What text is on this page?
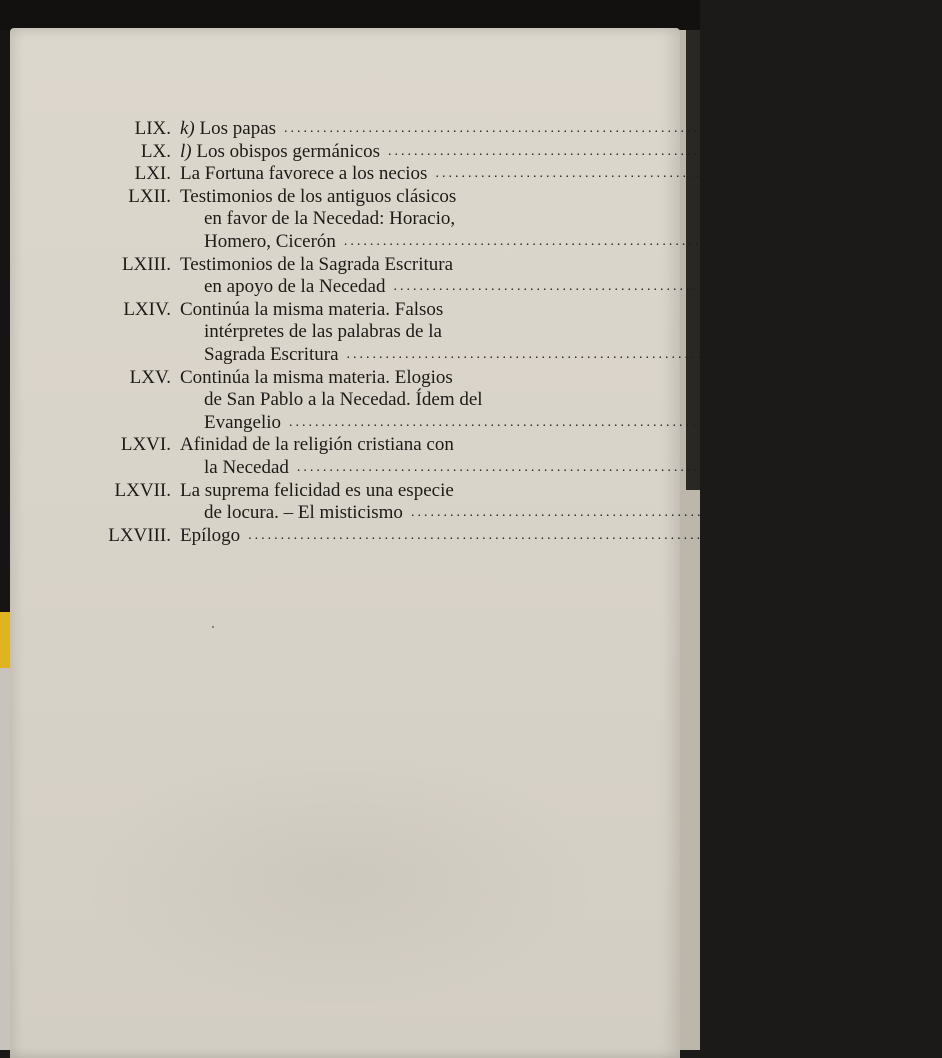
LIX. k) Los papas ......................................................................	180
LX. l) Los obispos germánicos ......................................................................	185
LXI. La Fortuna favorece a los necios ......................................................................	188
LXII. Testimonios de los antiguos clásicos
en favor de la Necedad: Horacio,
Homero, Cicerón ......................................................................	192
LXIII. Testimonios de la Sagrada Escritura
en apoyo de la Necedad ......................................................................	194
LXIV. Continúa la misma materia. Falsos
intérpretes de las palabras de la
Sagrada Escritura ......................................................................	202
LXV. Continúa la misma materia. Elogios
de San Pablo a la Necedad. Ídem del
Evangelio ......................................................................	208
LXVI. Afinidad de la religión cristiana con
la Necedad ......................................................................	215
LXVII. La suprema felicidad es una especie
de locura. – El misticismo ......................................................................	222
LXVIII. Epílogo ......................................................................	225
